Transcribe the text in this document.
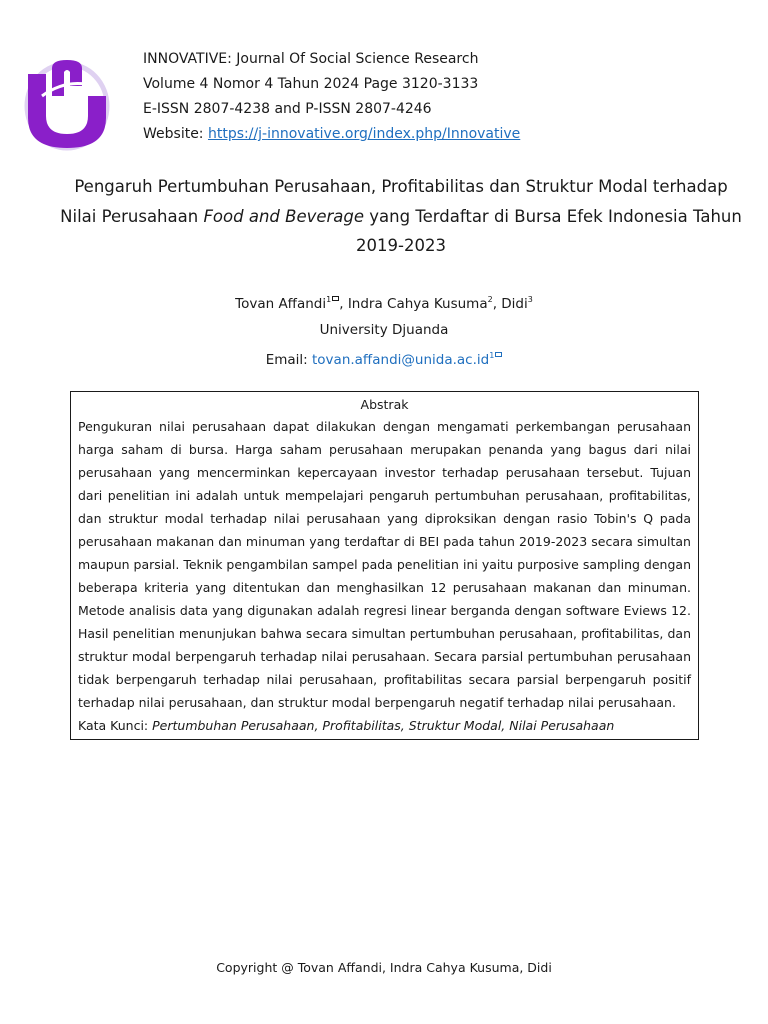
INNOVATIVE: Journal Of Social Science Research
Volume 4 Nomor 4 Tahun 2024 Page 3120-3133
E-ISSN 2807-4238 and P-ISSN 2807-4246
Website: https://j-innovative.org/index.php/Innovative
Pengaruh Pertumbuhan Perusahaan, Profitabilitas dan Struktur Modal terhadap Nilai Perusahaan Food and Beverage yang Terdaftar di Bursa Efek Indonesia Tahun 2019-2023
Tovan Affandi$^1$ , Indra Cahya Kusuma$^2$, Didi$^3$
University Djuanda
Email: $tovan.affandi@unida.ac.id^1$
Abstrak

Pengukuran nilai perusahaan dapat dilakukan dengan mengamati perkembangan perusahaan harga saham di bursa. Harga saham perusahaan merupakan penanda yang bagus dari nilai perusahaan yang mencerminkan kepercayaan investor terhadap perusahaan tersebut. Tujuan dari penelitian ini adalah untuk mempelajari pengaruh pertumbuhan perusahaan, profitabilitas, dan struktur modal terhadap nilai perusahaan yang diproksikan dengan rasio Tobin's Q pada perusahaan makanan dan minuman yang terdaftar di BEI pada tahun 2019-2023 secara simultan maupun parsial. Teknik pengambilan sampel pada penelitian ini yaitu purposive sampling dengan beberapa kriteria yang ditentukan dan menghasilkan 12 perusahaan makanan dan minuman. Metode analisis data yang digunakan adalah regresi linear berganda dengan software Eviews 12. Hasil penelitian menunjukan bahwa secara simultan pertumbuhan perusahaan, profitabilitas, dan struktur modal berpengaruh terhadap nilai perusahaan. Secara parsial pertumbuhan perusahaan tidak berpengaruh terhadap nilai perusahaan, profitabilitas secara parsial berpengaruh positif terhadap nilai perusahaan, dan struktur modal berpengaruh negatif terhadap nilai perusahaan.

Kata Kunci: Pertumbuhan Perusahaan, Profitabilitas, Struktur Modal, Nilai Perusahaan

Copyright @ Tovan Affandi, Indra Cahya Kusuma, Didi
